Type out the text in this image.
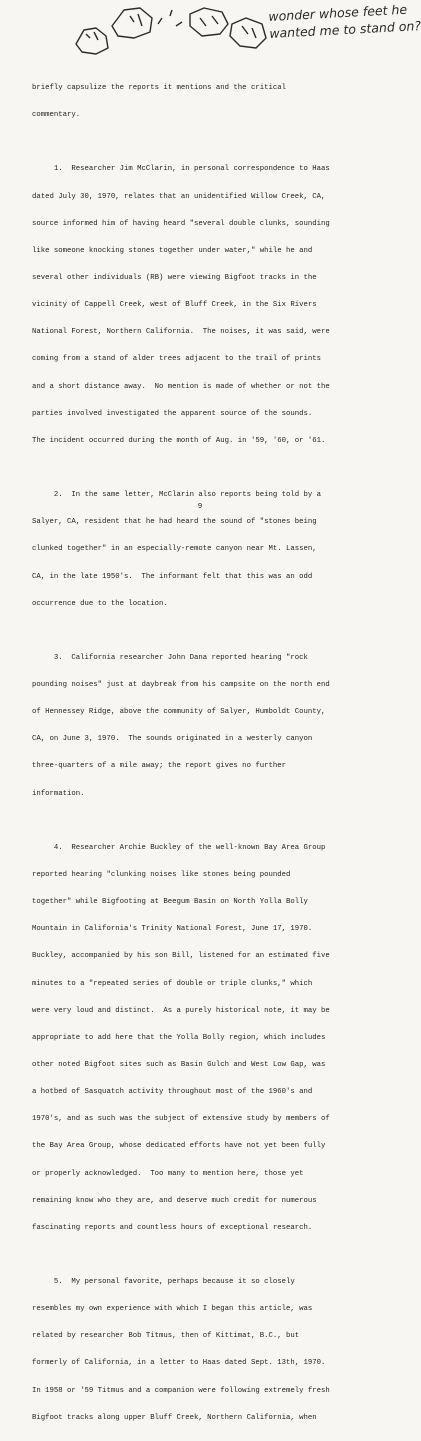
wonder whose feet he
wanted me to stand on?

briefly capsulize the reports it mentions and the critical

commentary.

1.  Researcher Jim McClarin, in personal correspondence to Haas

dated July 30, 1970, relates that an unidentified Willow Creek, CA,

source informed him of having heard "several double clunks, sounding

like someone knocking stones together under water," while he and

several other individuals (RB) were viewing Bigfoot tracks in the

vicinity of Cappell Creek, west of Bluff Creek, in the Six Rivers

National Forest, Northern California.  The noises, it was said, were

coming from a stand of alder trees adjacent to the trail of prints

and a short distance away.  No mention is made of whether or not the

parties involved investigated the apparent source of the sounds.

The incident occurred during the month of Aug. in '59, '60, or '61.

2.  In the same letter, McClarin also reports being told by a

Salyer, CA, resident that he had heard the sound of "stones being

clunked together" in an especially-remote canyon near Mt. Lassen,

CA, in the late 1950's.  The informant felt that this was an odd

occurrence due to the location.

3.  California researcher John Dana reported hearing "rock

pounding noises" just at daybreak from his campsite on the north end

of Hennessey Ridge, above the community of Salyer, Humboldt County,

CA, on June 3, 1970.  The sounds originated in a westerly canyon

three-quarters of a mile away; the report gives no further

information.

4.  Researcher Archie Buckley of the well-known Bay Area Group

reported hearing "clunking noises like stones being pounded

together" while Bigfooting at Beegum Basin on North Yolla Bolly

Mountain in California's Trinity National Forest, June 17, 1970.

Buckley, accompanied by his son Bill, listened for an estimated five

minutes to a "repeated series of double or triple clunks," which

were very loud and distinct.  As a purely historical note, it may be

appropriate to add here that the Yolla Bolly region, which includes

other noted Bigfoot sites such as Basin Gulch and West Low Gap, was

a hotbed of Sasquatch activity throughout most of the 1960's and

1970's, and as such was the subject of extensive study by members of

the Bay Area Group, whose dedicated efforts have not yet been fully

or properly acknowledged.  Too many to mention here, those yet

remaining know who they are, and deserve much credit for numerous

fascinating reports and countless hours of exceptional research.

5.  My personal favorite, perhaps because it so closely

resembles my own experience with which I began this article, was

related by researcher Bob Titmus, then of Kittimat, B.C., but

formerly of California, in a letter to Haas dated Sept. 13th, 1970.

In 1958 or '59 Titmus and a companion were following extremely fresh

Bigfoot tracks along upper Bluff Creek, Northern California, when

9
